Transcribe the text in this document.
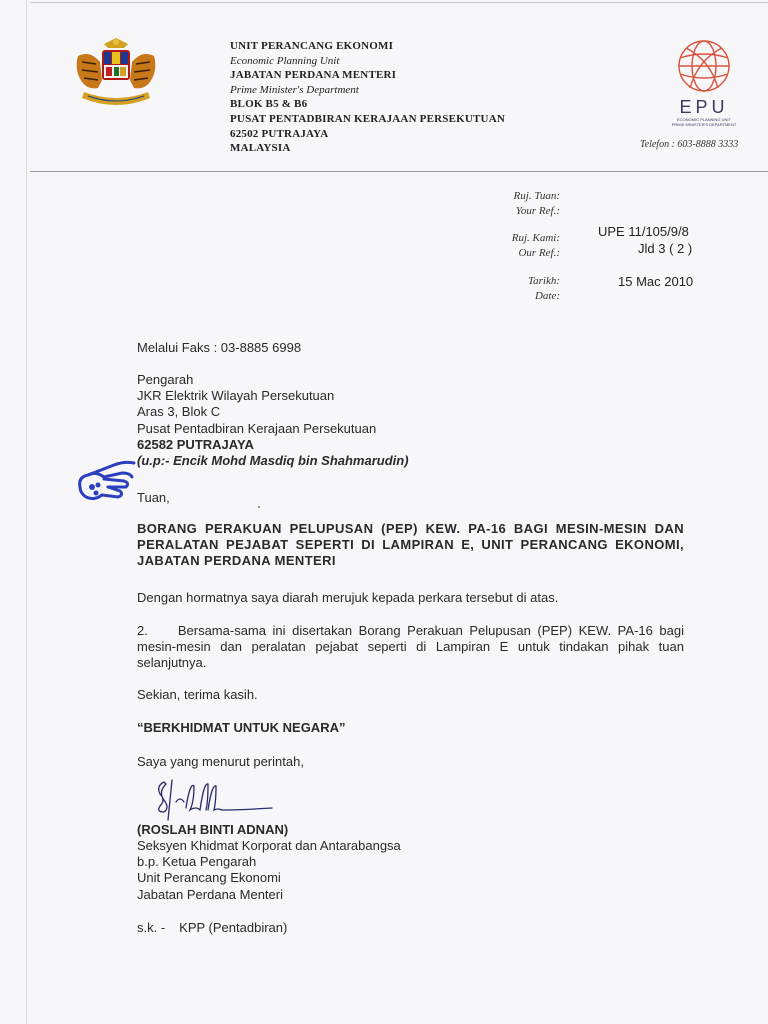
UNIT PERANCANG EKONOMI
Economic Planning Unit
JABATAN PERDANA MENTERI
Prime Minister's Department
BLOK B5 & B6
PUSAT PENTADBIRAN KERAJAAN PERSEKUTUAN
62502 PUTRAJAYA
MALAYSIA
EPU
ECONOMIC PLANNING UNIT
PRIME MINISTER'S DEPARTMENT
Telefon : 603-8888 3333
Ruj. Tuan:
Your Ref.:
Ruj. Kami:
Our Ref.:
UPE 11/105/9/8
Jld 3 ( 2 )
Tarikh:
Date:
15 Mac 2010
Melalui Faks : 03-8885 6998
Pengarah
JKR Elektrik Wilayah Persekutuan
Aras 3, Blok C
Pusat Pentadbiran Kerajaan Persekutuan
62582 PUTRAJAYA
(u.p:- Encik Mohd Masdiq bin Shahmarudin)
Tuan,
BORANG PERAKUAN PELUPUSAN (PEP) KEW. PA-16 BAGI MESIN-MESIN DAN PERALATAN PEJABAT SEPERTI DI LAMPIRAN E, UNIT PERANCANG EKONOMI, JABATAN PERDANA MENTERI
Dengan hormatnya saya diarah merujuk kepada perkara tersebut di atas.
2. Bersama-sama ini disertakan Borang Perakuan Pelupusan (PEP) KEW. PA-16 bagi mesin-mesin dan peralatan pejabat seperti di Lampiran E untuk tindakan pihak tuan selanjutnya.
Sekian, terima kasih.
“BERKHIDMAT UNTUK NEGARA”
Saya yang menurut perintah,
(ROSLAH BINTI ADNAN)
Seksyen Khidmat Korporat dan Antarabangsa
b.p. Ketua Pengarah
Unit Perancang Ekonomi
Jabatan Perdana Menteri
s.k. - KPP (Pentadbiran)
